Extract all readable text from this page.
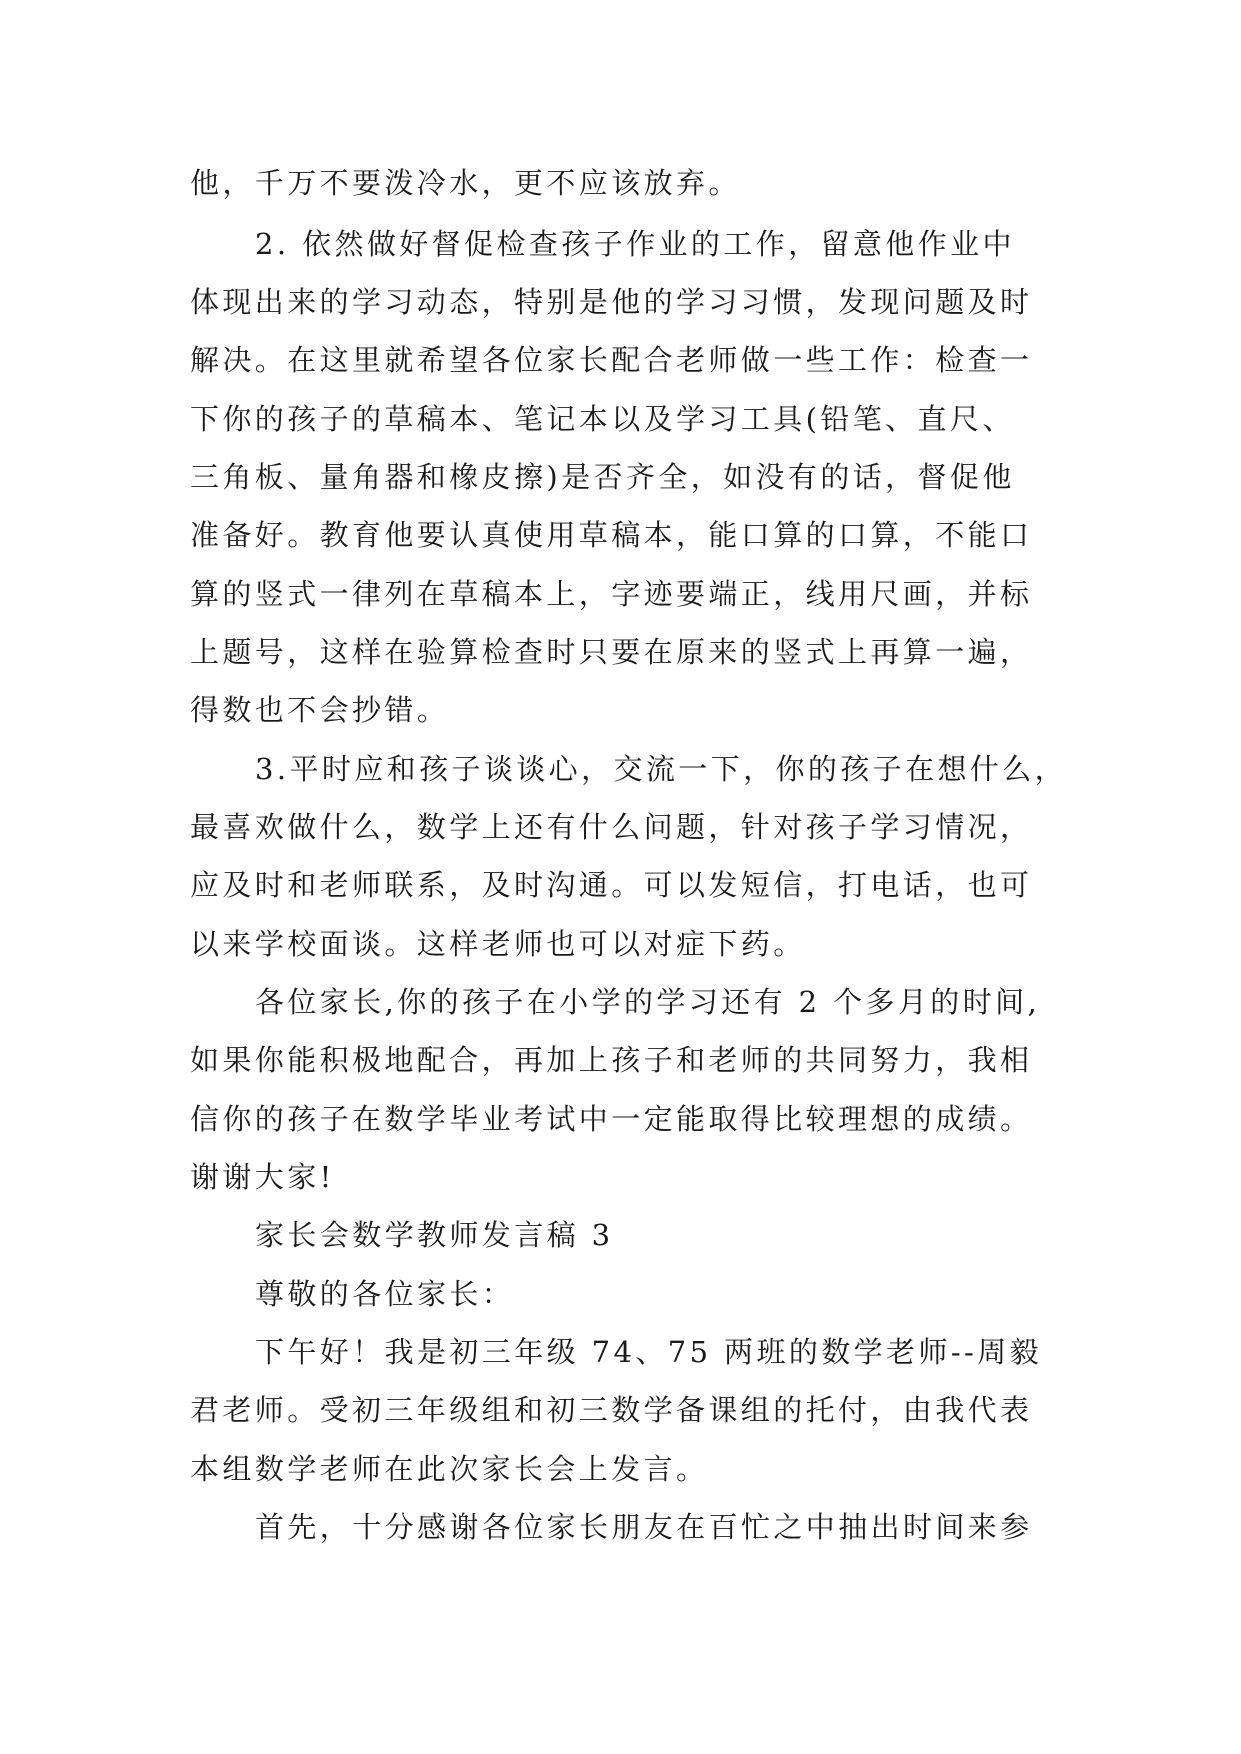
他，千万不要泼冷水，更不应该放弃。
2. 依然做好督促检查孩子作业的工作，留意他作业中
体现出来的学习动态，特别是他的学习习惯，发现问题及时
解决。在这里就希望各位家长配合老师做一些工作：检查一
下你的孩子的草稿本、笔记本以及学习工具(铅笔、直尺、
三角板、量角器和橡皮擦)是否齐全，如没有的话，督促他
准备好。教育他要认真使用草稿本，能口算的口算，不能口
算的竖式一律列在草稿本上，字迹要端正，线用尺画，并标
上题号，这样在验算检查时只要在原来的竖式上再算一遍，
得数也不会抄错。
3.平时应和孩子谈谈心，交流一下，你的孩子在想什么，
最喜欢做什么，数学上还有什么问题，针对孩子学习情况，
应及时和老师联系，及时沟通。可以发短信，打电话，也可
以来学校面谈。这样老师也可以对症下药。
各位家长,你的孩子在小学的学习还有 2 个多月的时间,
如果你能积极地配合，再加上孩子和老师的共同努力，我相
信你的孩子在数学毕业考试中一定能取得比较理想的成绩。
谢谢大家!
家长会数学教师发言稿 3
尊敬的各位家长：
下午好！我是初三年级 74、75 两班的数学老师--周毅
君老师。受初三年级组和初三数学备课组的托付，由我代表
本组数学老师在此次家长会上发言。
首先，十分感谢各位家长朋友在百忙之中抽出时间来参
